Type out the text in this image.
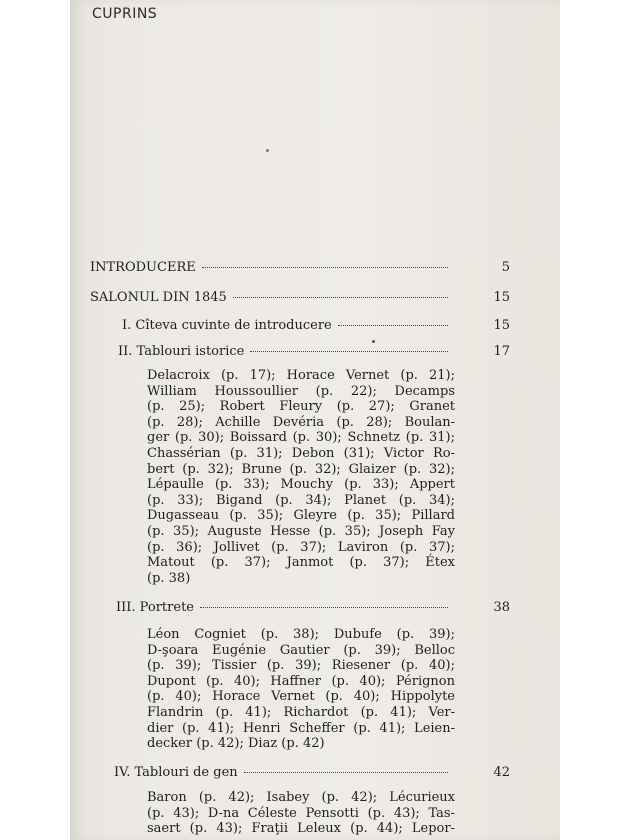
CUPRINS
INTRODUCERE	5
SALONUL DIN 1845	15
I. Cîteva cuvinte de introducere	15
II. Tablouri istorice	17
Delacroix (p. 17); Horace Vernet (p. 21);
William Houssoullier (p. 22); Decamps
(p. 25); Robert Fleury (p. 27); Granet
(p. 28); Achille Devéria (p. 28); Boulan-
ger (p. 30); Boissard (p. 30); Schnetz (p. 31);
Chassérian (p. 31); Debon (31); Victor Ro-
bert (p. 32); Brune (p. 32); Glaizer (p. 32);
Lépaulle (p. 33); Mouchy (p. 33); Appert
(p. 33); Bigand (p. 34); Planet (p. 34);
Dugasseau (p. 35); Gleyre (p. 35); Pillard
(p. 35); Auguste Hesse (p. 35); Joseph Fay
(p. 36); Jollivet (p. 37); Laviron (p. 37);
Matout (p. 37); Janmot (p. 37); Étex
(p. 38)
III. Portrete	38
Léon Cogniet (p. 38); Dubufe (p. 39);
D-şoara Eugénie Gautier (p. 39); Belloc
(p. 39); Tissier (p. 39); Riesener (p. 40);
Dupont (p. 40); Haffner (p. 40); Pérignon
(p. 40); Horace Vernet (p. 40); Hippolyte
Flandrin (p. 41); Richardot (p. 41); Ver-
dier (p. 41); Henri Scheffer (p. 41); Leien-
decker (p. 42); Diaz (p. 42)
IV. Tablouri de gen	42
Baron (p. 42); Isabey (p. 42); Lécurieux
(p. 43); D-na Céleste Pensotti (p. 43); Tas-
saert (p. 43); Fraţii Leleux (p. 44); Lepor-
